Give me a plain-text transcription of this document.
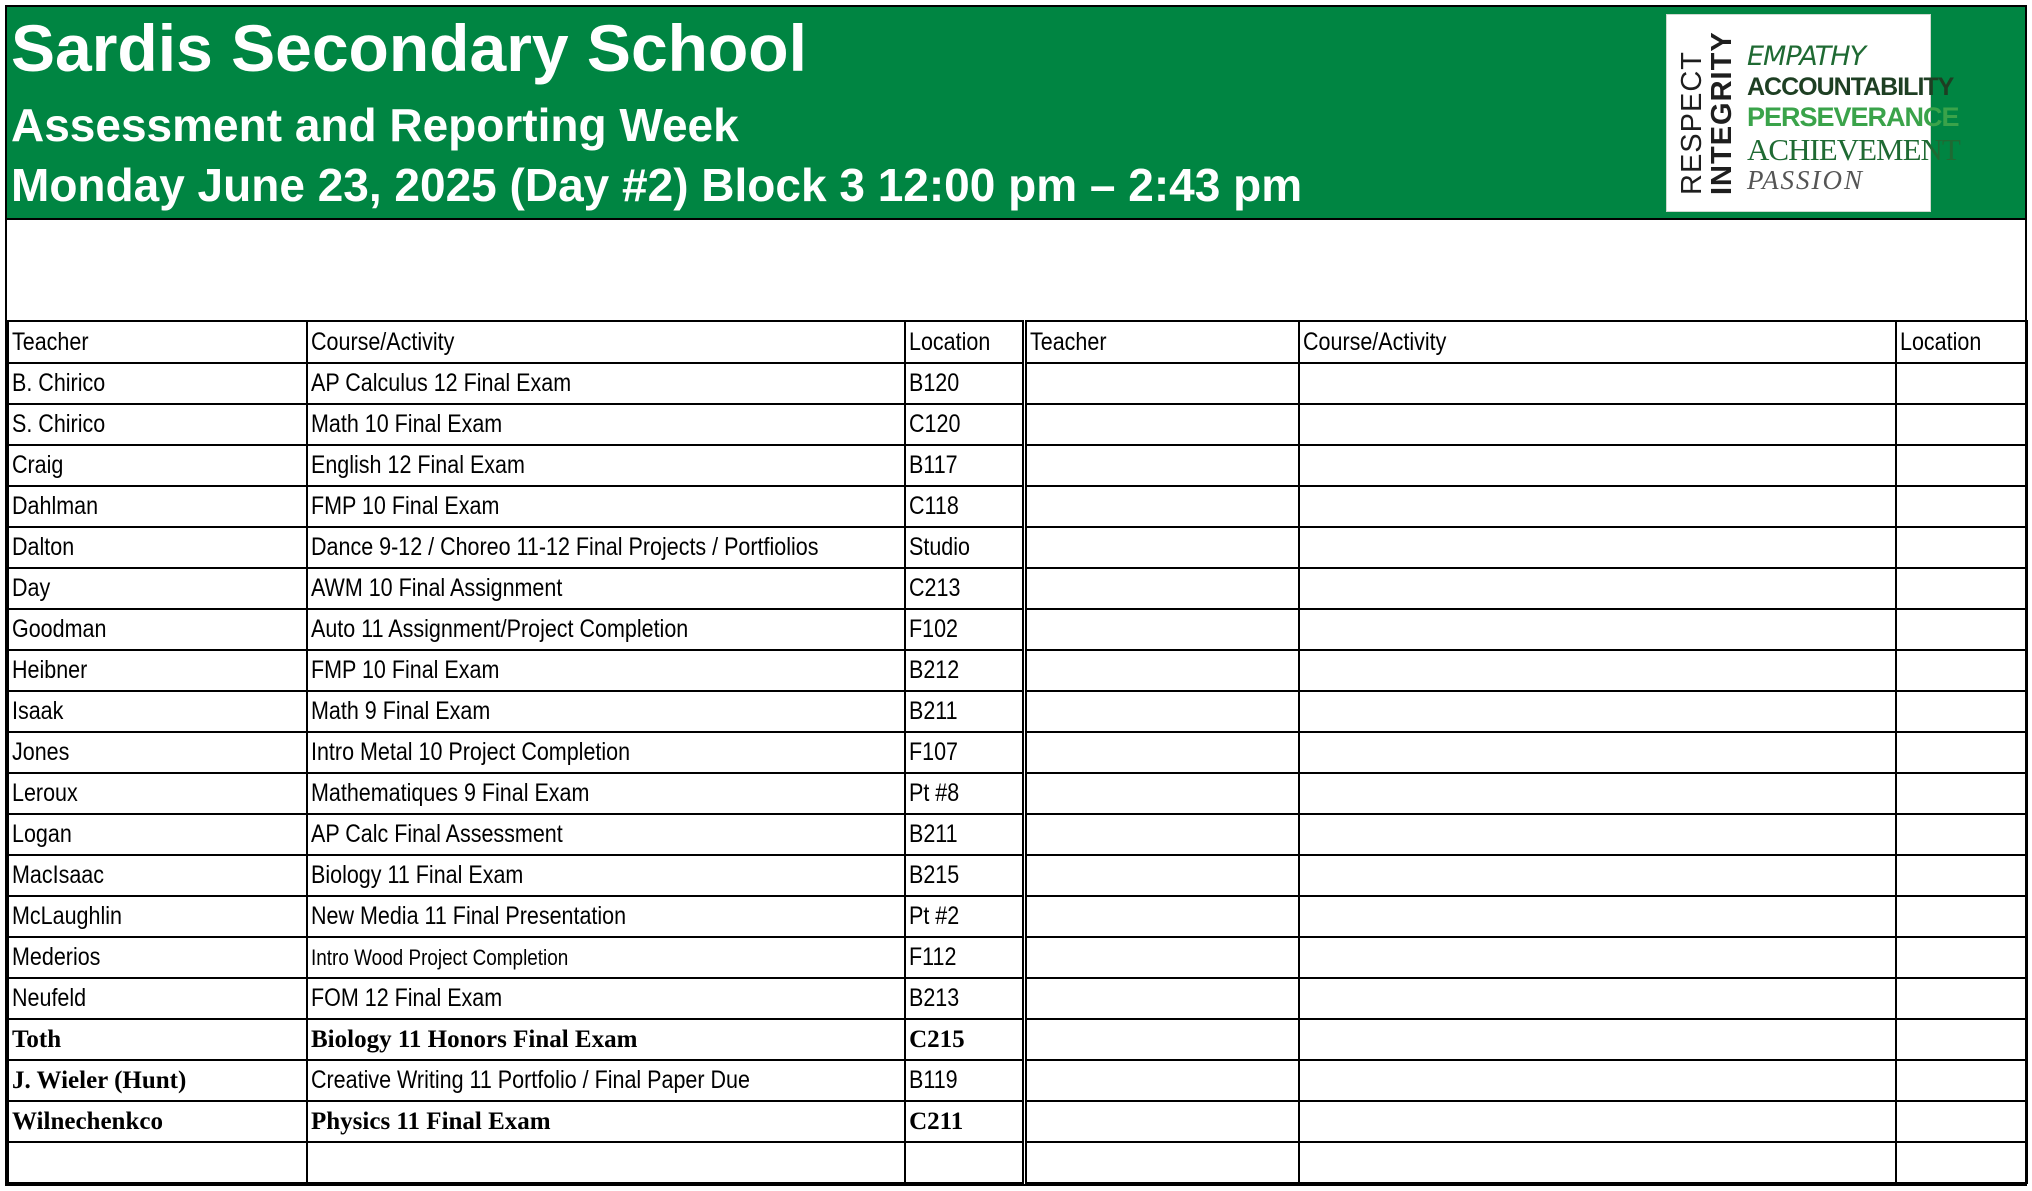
Sardis Secondary School
Assessment and Reporting Week
Monday June 23, 2025 (Day #2) Block 3 12:00 pm – 2:43 pm	RESPECT
INTEGRITY EMPATHY
ACCOUNTABILITY
PERSEVERANCE
ACHIEVEMENT
PASSION
Teacher	Course/Activity	Location		Teacher	Course/Activity	Location
B. Chirico	AP Calculus 12 Final Exam	B120				
S. Chirico	Math 10 Final Exam	C120				
Craig	English 12 Final Exam	B117				
Dahlman	FMP 10 Final Exam	C118				
Dalton	Dance 9-12 / Choreo 11-12 Final Projects / Portfiolios	Studio				
Day	AWM 10 Final Assignment	C213				
Goodman	Auto 11 Assignment/Project Completion	F102				
Heibner	FMP 10 Final Exam	B212				
Isaak	Math 9 Final Exam	B211				
Jones	Intro Metal 10 Project Completion	F107				
Leroux	Mathematiques 9 Final Exam	Pt #8				
Logan	AP Calc Final Assessment	B211				
MacIsaac	Biology 11 Final Exam	B215				
McLaughlin	New Media 11 Final Presentation	Pt #2				
Mederios	Intro Wood Project Completion	F112				
Neufeld	FOM 12 Final Exam	B213				
Toth	Biology 11 Honors Final Exam	C215				
J. Wieler (Hunt)	Creative Writing 11 Portfolio / Final Paper Due	B119				
Wilnechenkco	Physics 11 Final Exam	C211				
